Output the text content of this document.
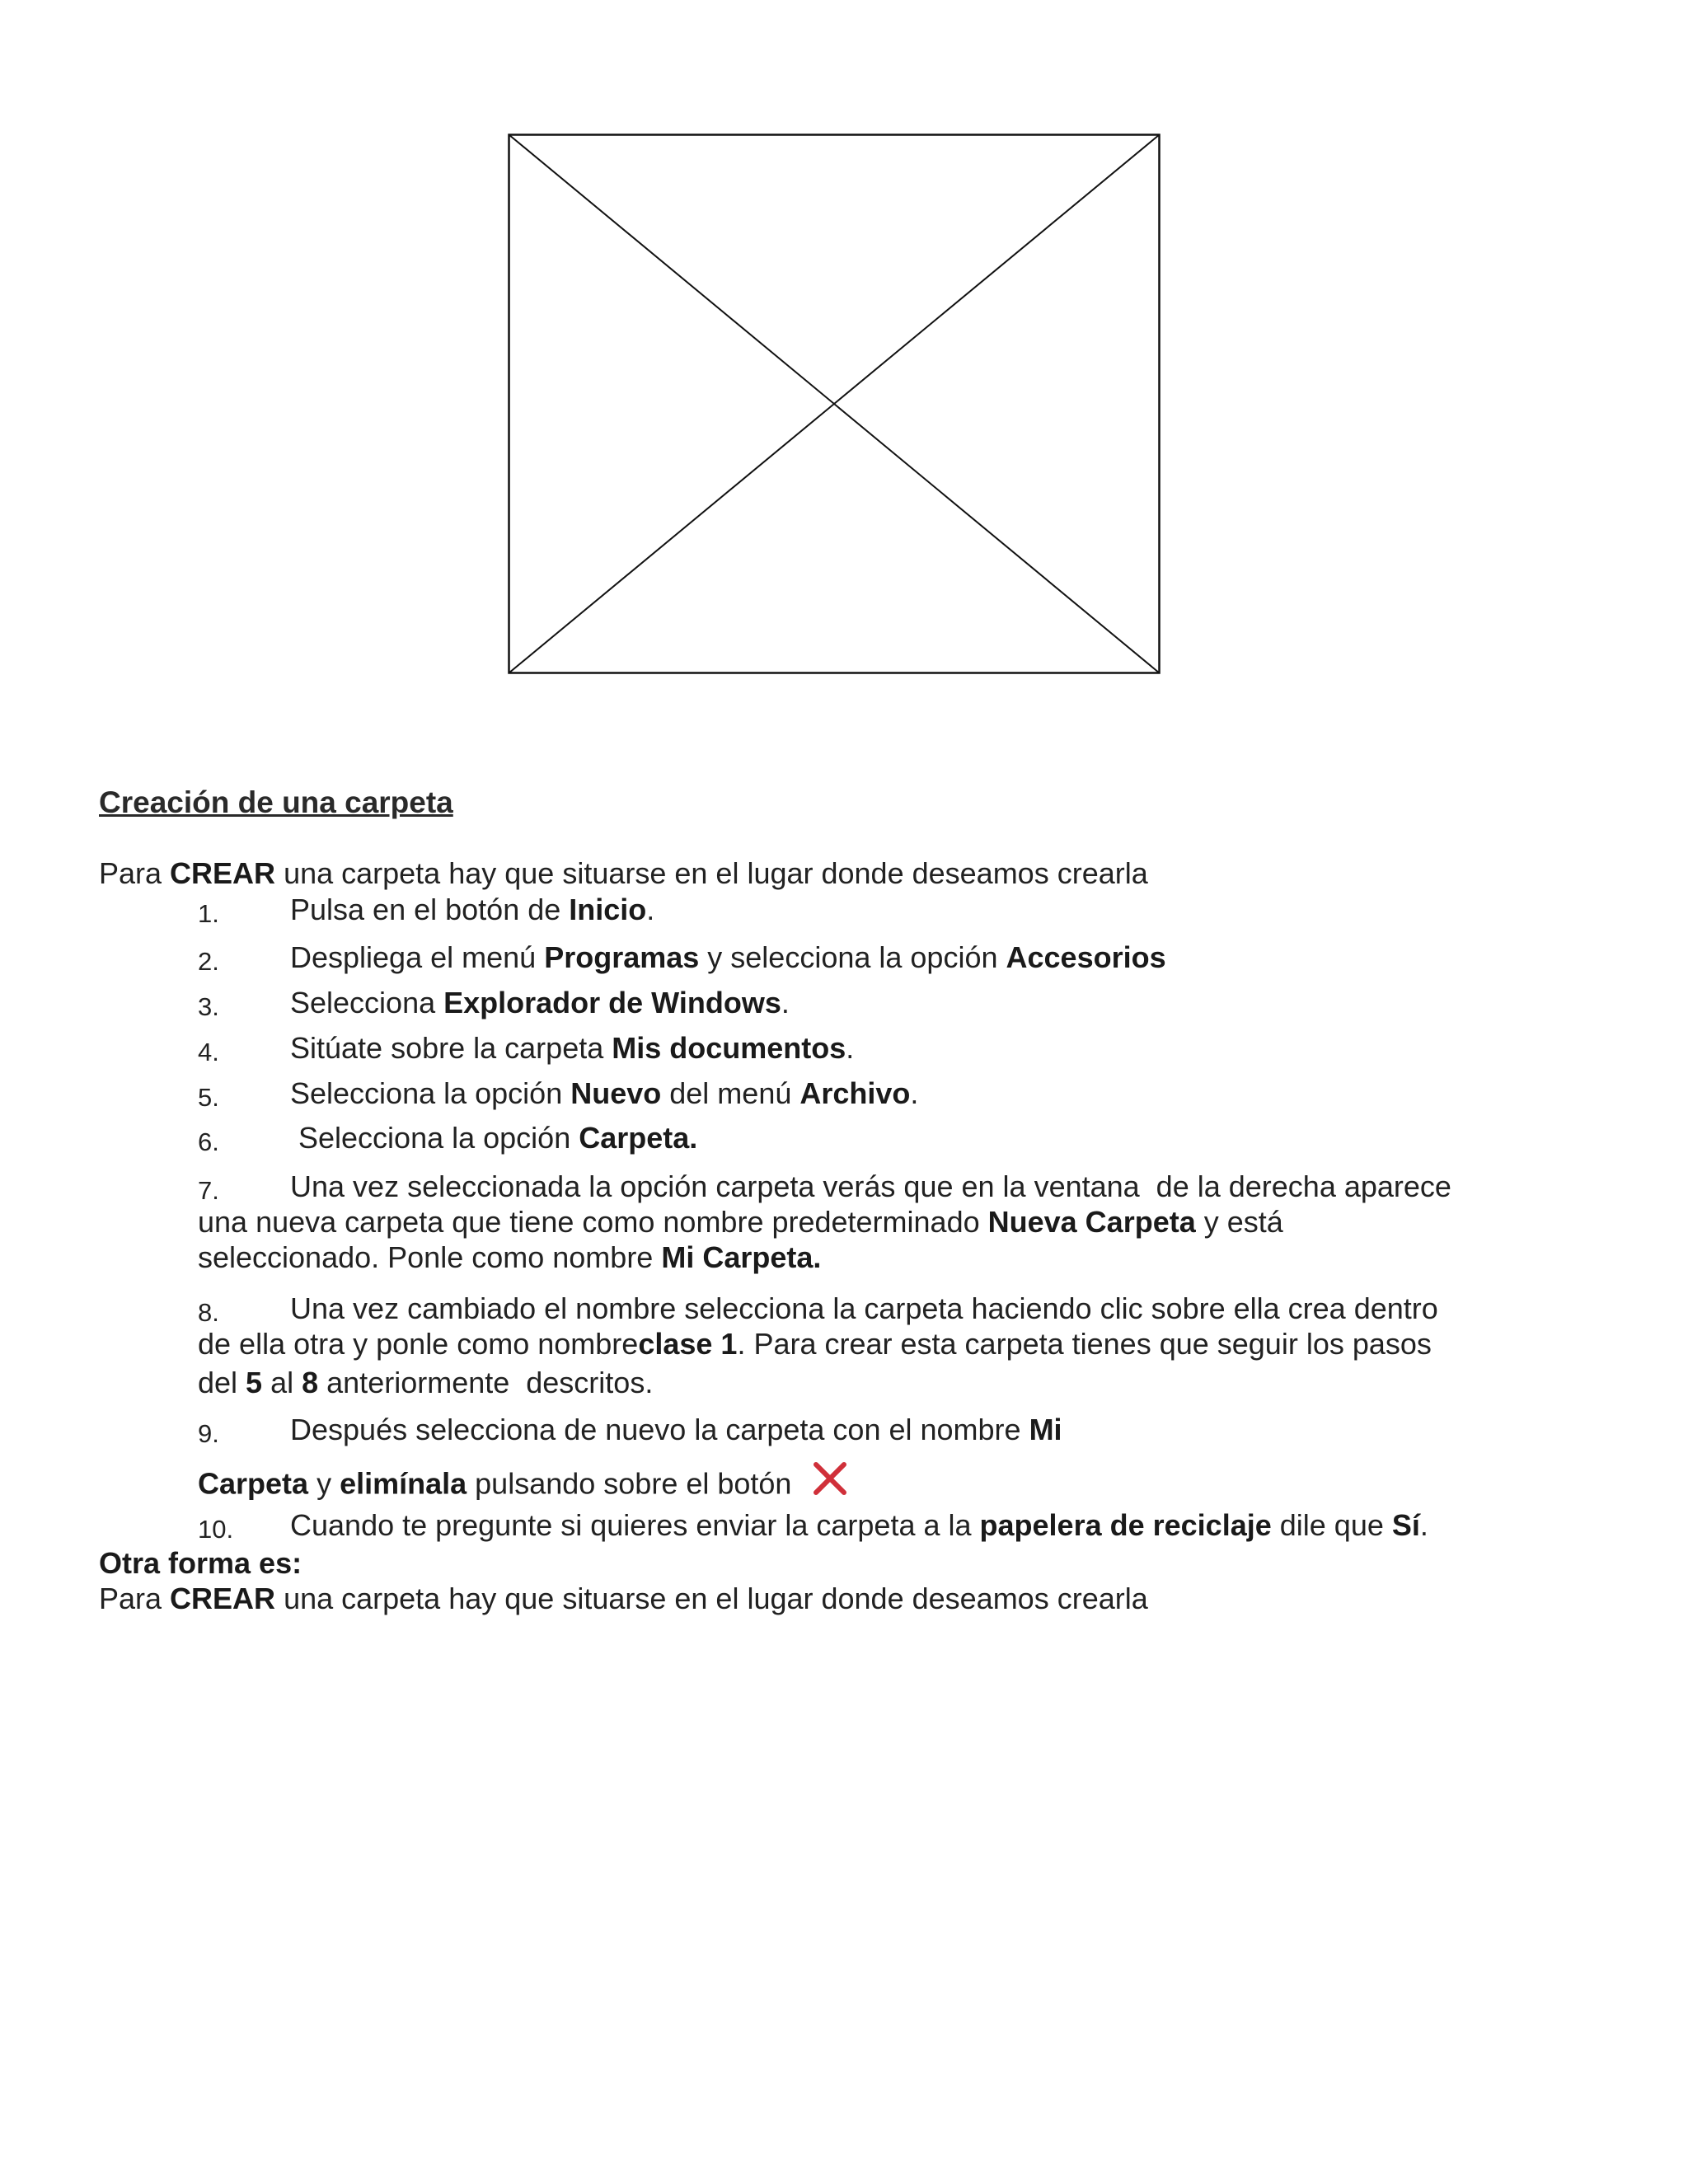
Creación de una carpeta
Para CREAR una carpeta hay que situarse en el lugar donde deseamos crearla
1. Pulsa en el botón de Inicio.
2. Despliega el menú Programas y selecciona la opción Accesorios
3. Selecciona Explorador de Windows.
4. Sitúate sobre la carpeta Mis documentos.
5. Selecciona la opción Nuevo del menú Archivo.
6. Selecciona la opción Carpeta.
7. Una vez seleccionada la opción carpeta verás que en la ventana  de la derecha aparece
una nueva carpeta que tiene como nombre predeterminado Nueva Carpeta y está
seleccionado. Ponle como nombre Mi Carpeta.
8. Una vez cambiado el nombre selecciona la carpeta haciendo clic sobre ella crea dentro
de ella otra y ponle como nombreclase 1. Para crear esta carpeta tienes que seguir los pasos
del 5 al 8 anteriormente  descritos.
9. Después selecciona de nuevo la carpeta con el nombre Mi
Carpeta y elimínala pulsando sobre el botón
10. Cuando te pregunte si quieres enviar la carpeta a la papelera de reciclaje dile que Sí.
Otra forma es:
Para CREAR una carpeta hay que situarse en el lugar donde deseamos crearla
